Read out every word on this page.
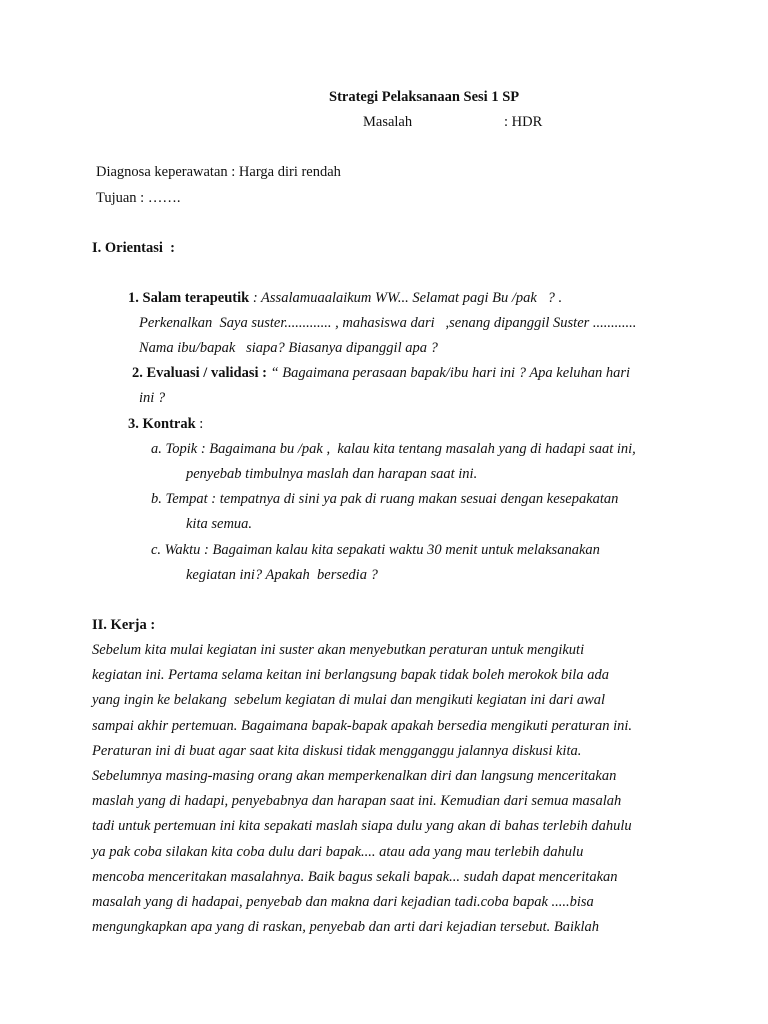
Strategi Pelaksanaan Sesi 1 SP
Masalah	: HDR
Diagnosa keperawatan : Harga diri rendah
Tujuan : …….
I. Orientasi  :
1. Salam terapeutik : Assalamuaalaikum WW... Selamat pagi Bu /pak   ? .
Perkenalkan  Saya suster............. , mahasiswa dari   ,senang dipanggil Suster ............
Nama ibu/bapak   siapa? Biasanya dipanggil apa ?
2. Evaluasi / validasi : “ Bagaimana perasaan bapak/ibu hari ini ? Apa keluhan hari
ini ?
3. Kontrak :
a. Topik : Bagaimana bu /pak ,  kalau kita tentang masalah yang di hadapi saat ini,
penyebab timbulnya maslah dan harapan saat ini.
b. Tempat : tempatnya di sini ya pak di ruang makan sesuai dengan kesepakatan
kita semua.
c. Waktu : Bagaiman kalau kita sepakati waktu 30 menit untuk melaksanakan
kegiatan ini? Apakah  bersedia ?
II. Kerja :
Sebelum kita mulai kegiatan ini suster akan menyebutkan peraturan untuk mengikuti
kegiatan ini. Pertama selama keitan ini berlangsung bapak tidak boleh merokok bila ada
yang ingin ke belakang  sebelum kegiatan di mulai dan mengikuti kegiatan ini dari awal
sampai akhir pertemuan. Bagaimana bapak-bapak apakah bersedia mengikuti peraturan ini.
Peraturan ini di buat agar saat kita diskusi tidak mengganggu jalannya diskusi kita.
Sebelumnya masing-masing orang akan memperkenalkan diri dan langsung menceritakan
maslah yang di hadapi, penyebabnya dan harapan saat ini. Kemudian dari semua masalah
tadi untuk pertemuan ini kita sepakati maslah siapa dulu yang akan di bahas terlebih dahulu
ya pak coba silakan kita coba dulu dari bapak.... atau ada yang mau terlebih dahulu
mencoba menceritakan masalahnya. Baik bagus sekali bapak... sudah dapat menceritakan
masalah yang di hadapai, penyebab dan makna dari kejadian tadi.coba bapak .....bisa
mengungkapkan apa yang di raskan, penyebab dan arti dari kejadian tersebut. Baiklah
